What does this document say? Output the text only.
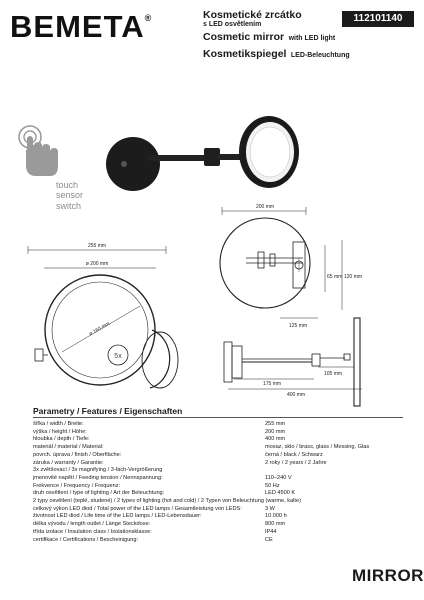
BEMETA®	Kosmetické zrcátko
s LED osvětlením
Cosmetic mirror with LED light
Kosmetikspiegel LED-Beleuchtung
112101140
255 mm
ø 200 mm
ø 160 mm
5x
200 mm
65 mm 120 mm
125 mm
175 mm
105 mm
400 mm
touch
sensor
switch
Parametry / Features / Eigenschaften
šířka / width / Breite:	255 mm
výška / height / Höhe:	200 mm
hloubka / depth / Tiefe:	400 mm
materiál / material / Material:	mosaz, sklo / brass, glass / Messing, Glas
povrch. úprava / finish / Oberfläche:	černá / black / Schwarz
záruka / warranty / Garantie:	2 roky / 2 years / 2 Jahre
3x zvětšovací / 3x magnifying / 3-fach-Vergrößerung	
jmenovité napětí / Feeding tension / Nennspannung:	110–240 V
Frekvence / Frequency / Frequenz:	50 Hz
druh osvětlení / type of lighting / Art der Beleuchtung:	LED 4500 K
2 typy osvětlení (teplé, studené) / 2 types of lighting (hot and cold) / 2 Typen von Beleuchtung (warme, kalte)	
celkový výkon LED diod / Total power of the LED lamps / Gesamtleistung von LEDS:	3 W
životnost LED diod / Life time of the LED lamps / LED-Lebensdauer:	10.000 h
délka vývodu / length outlet / Länge Steckdose:	800 mm
třída izolace / Insulation class / Isolationsklasse:	IP44
certifikace / Certifications / Bescheinigung:	CE
MIRROR
